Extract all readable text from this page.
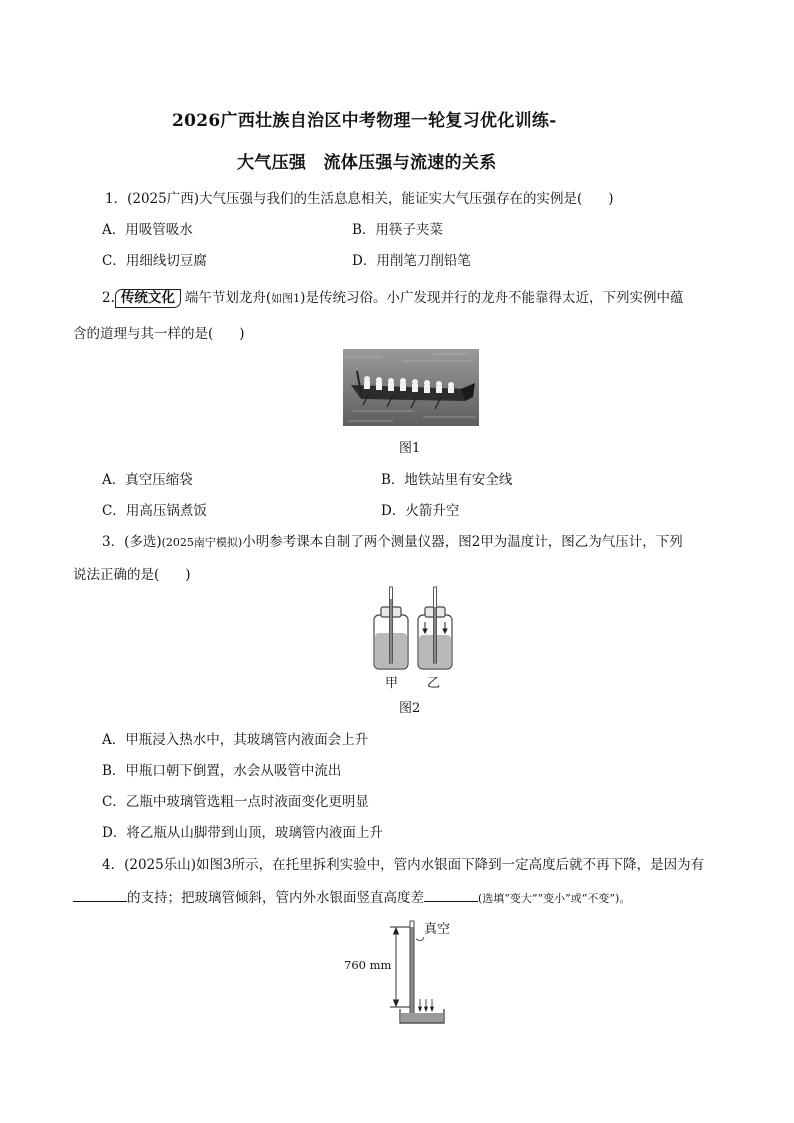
2026广西壮族自治区中考物理一轮复习优化训练-
大气压强　流体压强与流速的关系
1．(2025广西)大气压强与我们的生活息息相关，能证实大气压强存在的实例是( )
A．用吸管吸水	B．用筷子夹菜
C．用细线切豆腐	D．用削笔刀削铅笔
2. 传统文化 端午节划龙舟(如图1)是传统习俗。小广发现并行的龙舟不能靠得太近，下列实例中蕴
含的道理与其一样的是( )
图1
A．真空压缩袋	B．地铁站里有安全线
C．用高压锅煮饭	D．火箭升空
3．(多选)(2025南宁模拟)小明参考课本自制了两个测量仪器，图2甲为温度计，图乙为气压计，下列
说法正确的是( )
甲 乙
图2
A．甲瓶浸入热水中，其玻璃管内液面会上升
B．甲瓶口朝下倒置，水会从吸管中流出
C．乙瓶中玻璃管选粗一点时液面变化更明显
D．将乙瓶从山脚带到山顶，玻璃管内液面上升
4．(2025乐山)如图3所示，在托里拆利实验中，管内水银面下降到一定高度后就不再下降，是因为有
的支持；把玻璃管倾斜，管内外水银面竖直高度差	(选填“变大”“变小”或“不变”)。
真空
760 mm
